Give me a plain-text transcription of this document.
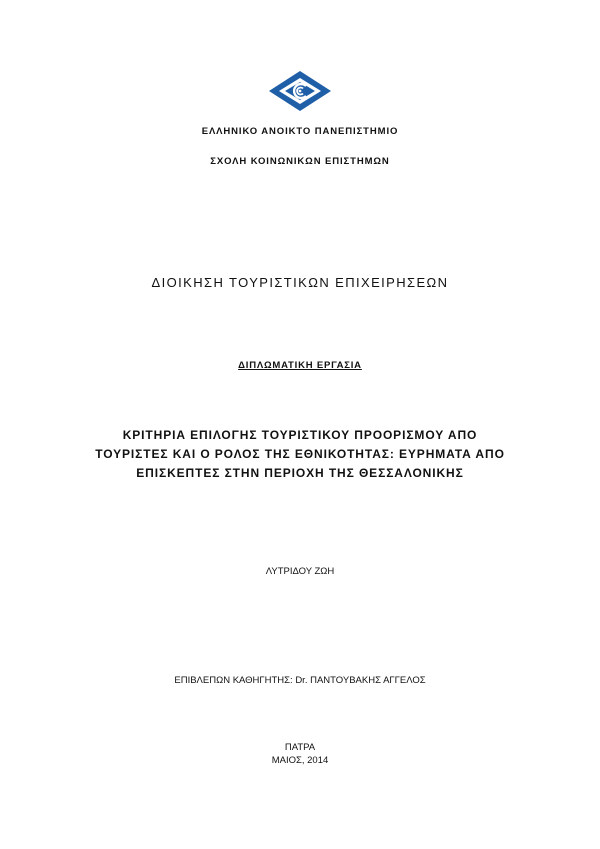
ΕΛΛΗΝΙΚΟ ΑΝΟΙΚΤΟ ΠΑΝΕΠΙΣΤΗΜΙΟ
ΣΧΟΛΗ ΚΟΙΝΩΝΙΚΩΝ ΕΠΙΣΤΗΜΩΝ
ΔΙΟΙΚΗΣΗ ΤΟΥΡΙΣΤΙΚΩΝ ΕΠΙΧΕΙΡΗΣΕΩΝ
ΔΙΠΛΩΜΑΤΙΚΗ ΕΡΓΑΣΙΑ
ΚΡΙΤΗΡΙΑ ΕΠΙΛΟΓΗΣ ΤΟΥΡΙΣΤΙΚΟΥ ΠΡΟΟΡΙΣΜΟΥ ΑΠΟ
ΤΟΥΡΙΣΤΕΣ ΚΑΙ Ο ΡΟΛΟΣ ΤΗΣ ΕΘΝΙΚΟΤΗΤΑΣ: ΕΥΡΗΜΑΤΑ ΑΠΟ
ΕΠΙΣΚΕΠΤΕΣ ΣΤΗΝ ΠΕΡΙΟΧΗ ΤΗΣ ΘΕΣΣΑΛΟΝΙΚΗΣ
ΛΥΤΡΙΔΟΥ ΖΩΗ
ΕΠΙΒΛΕΠΩΝ ΚΑΘΗΓΗΤΗΣ: Dr. ΠΑΝΤΟΥΒΑΚΗΣ ΑΓΓΕΛΟΣ
ΠΑΤΡΑ
ΜΑΙΟΣ, 2014
